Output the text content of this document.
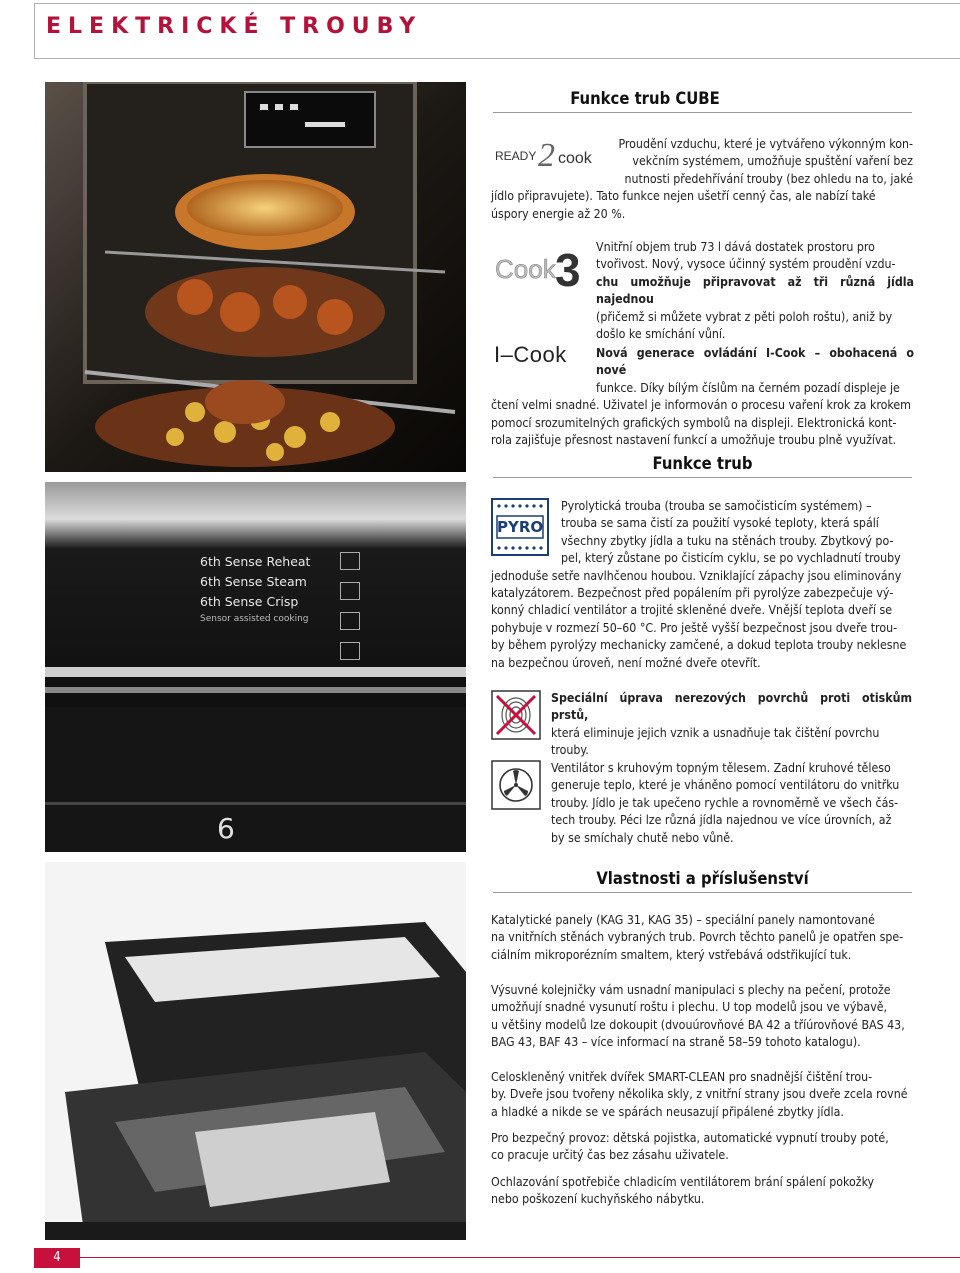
ELEKTRICKÉ TROUBY
6th Sense Reheat
6th Sense Steam
6th Sense Crisp
Sensor assisted cooking
6
Funkce trub CUBE
READY 2 cook
Proudění vzduchu, které je vytvářeno výkonným kon-
vekčním systémem, umožňuje spuštění vaření bez
nutnosti předehřívání trouby (bez ohledu na to, jaké
jídlo připravujete). Tato funkce nejen ušetří cenný čas, ale nabízí také
úspory energie až 20 %.
Cook 3 Vnitřní objem trub 73 l dává dostatek prostoru pro
tvořivost. Nový, vysoce účinný systém proudění vzdu-
chu umožňuje připravovat až tři různá jídla najednou
(přičemž si můžete vybrat z pěti poloh roštu), aniž by
došlo ke smíchání vůní.
I–Cook	Nová generace ovládání I-Cook – obohacená o nové
funkce. Díky bílým číslům na černém pozadí displeje je
čtení velmi snadné. Uživatel je informován o procesu vaření krok za krokem
pomocí srozumitelných grafických symbolů na displeji. Elektronická kont-
rola zajišťuje přesnost nastavení funkcí a umožňuje troubu plně využívat.
Funkce trub
PYRO
Pyrolytická trouba (trouba se samočisticím systémem) –
trouba se sama čistí za použití vysoké teploty, která spálí
všechny zbytky jídla a tuku na stěnách trouby. Zbytkový po-
pel, který zůstane po čisticím cyklu, se po vychladnutí trouby
jednoduše setře navlhčenou houbou. Vzniklající zápachy jsou eliminovány
katalyzátorem. Bezpečnost před popálením při pyrolýze zabezpečuje vý-
konný chladicí ventilátor a trojité skleněné dveře. Vnější teplota dveří se
pohybuje v rozmezí 50–60 °C. Pro ještě vyšší bezpečnost jsou dveře trou-
by během pyrolýzy mechanicky zamčené, a dokud teplota trouby neklesne
na bezpečnou úroveň, není možné dveře otevřít.
Speciální úprava nerezových povrchů proti otiskům prstů,
která eliminuje jejich vznik a usnadňuje tak čištění povrchu
trouby.
Ventilátor s kruhovým topným tělesem. Zadní kruhové těleso
generuje teplo, které je vháněno pomocí ventilátoru do vnitřku
trouby. Jídlo je tak upečeno rychle a rovnoměrně ve všech čás-
tech trouby. Péci lze různá jídla najednou ve více úrovních, až
by se smíchaly chutě nebo vůně.
Vlastnosti a příslušenství
Katalytické panely (KAG 31, KAG 35) – speciální panely namontované
na vnitřních stěnách vybraných trub. Povrch těchto panelů je opatřen spe-
ciálním mikroporézním smaltem, který vstřebává odstřikující tuk.
Výsuvné kolejničky vám usnadní manipulaci s plechy na pečení, protože
umožňují snadné vysunutí roštu i plechu. U top modelů jsou ve výbavě,
u většiny modelů lze dokoupit (dvouúrovňové BA 42 a tříúrovňové BAS 43,
BAG 43, BAF 43 – více informací na straně 58–59 tohoto katalogu).
Celoskleněný vnitřek dvířek SMART-CLEAN pro snadnější čištění trou-
by. Dveře jsou tvořeny několika skly, z vnitřní strany jsou dveře zcela rovné
a hladké a nikde se ve spárách neusazují připálené zbytky jídla.
Pro bezpečný provoz: dětská pojistka, automatické vypnutí trouby poté,
co pracuje určitý čas bez zásahu uživatele.
Ochlazování spotřebiče chladicím ventilátorem brání spálení pokožky
nebo poškození kuchyňského nábytku.
4
